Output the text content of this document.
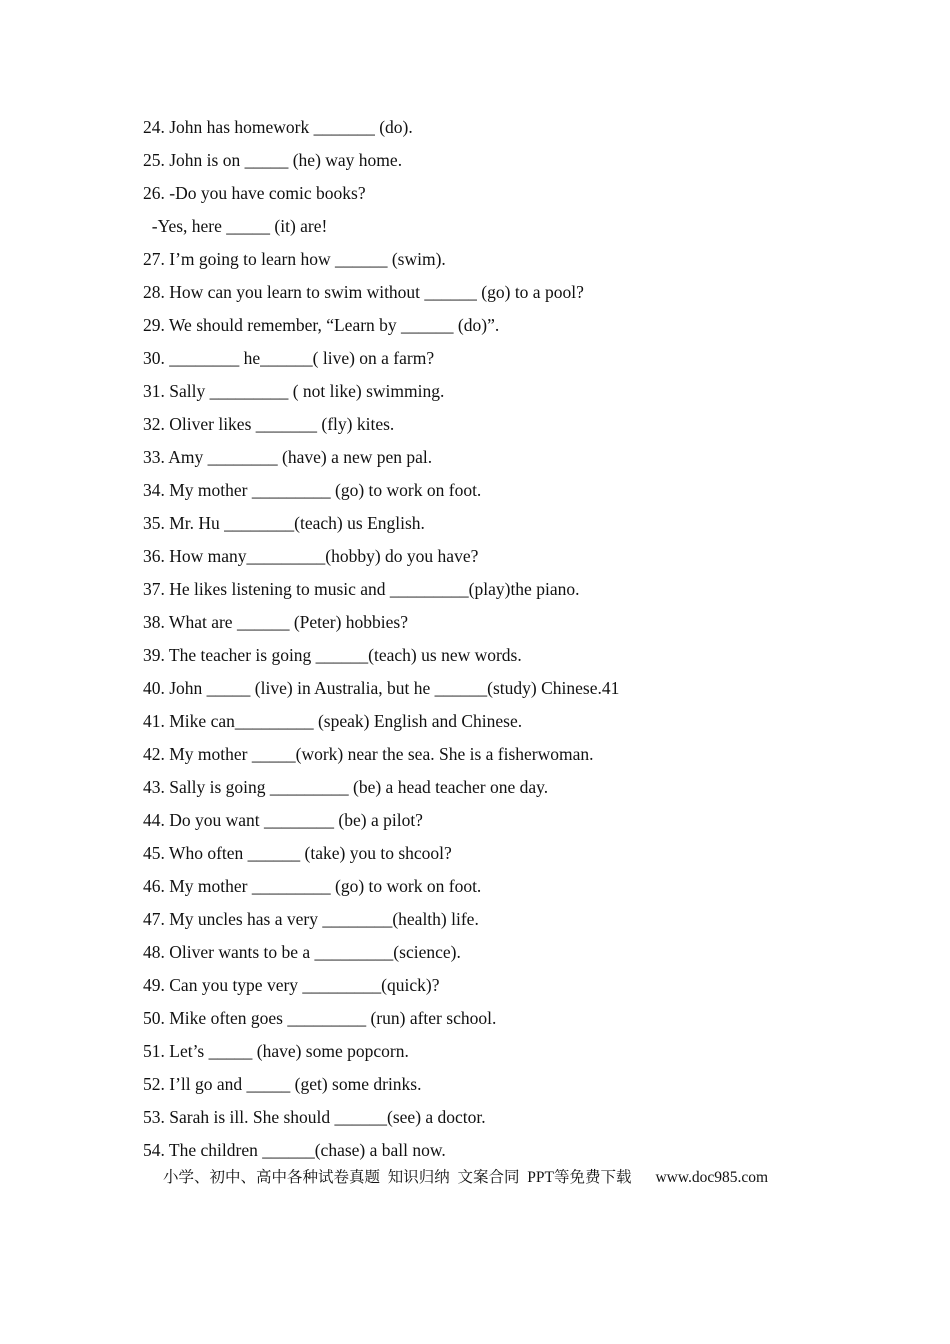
24. John has homework _______ (do).
25. John is on _____ (he) way home.
26. -Do you have comic books?
-Yes, here _____ (it) are!
27. I’m going to learn how ______ (swim).
28. How can you learn to swim without ______ (go) to a pool?
29. We should remember, “Learn by ______ (do)”.
30. ________ he______( live) on a farm?
31. Sally _________ ( not like) swimming.
32. Oliver likes _______ (fly) kites.
33. Amy ________ (have) a new pen pal.
34. My mother _________ (go) to work on foot.
35. Mr. Hu ________(teach) us English.
36. How many_________(hobby) do you have?
37. He likes listening to music and _________(play)the piano.
38. What are ______ (Peter) hobbies?
39. The teacher is going ______(teach) us new words.
40. John _____ (live) in Australia, but he ______(study) Chinese.41
41. Mike can_________ (speak) English and Chinese.
42. My mother _____(work) near the sea. She is a fisherwoman.
43. Sally is going _________ (be) a head teacher one day.
44. Do you want ________ (be) a pilot?
45. Who often ______ (take) you to shcool?
46. My mother _________ (go) to work on foot.
47. My uncles has a very ________(health) life.
48. Oliver wants to be a _________(science).
49. Can you type very _________(quick)?
50. Mike often goes _________ (run) after school.
51. Let’s _____ (have) some popcorn.
52. I’ll go and _____ (get) some drinks.
53. Sarah is ill. She should ______(see) a doctor.
54. The children ______(chase) a ball now.
小学、初中、高中各种试卷真题  知识归纳  文案合同  PPT等免费下载 www.doc985.com
